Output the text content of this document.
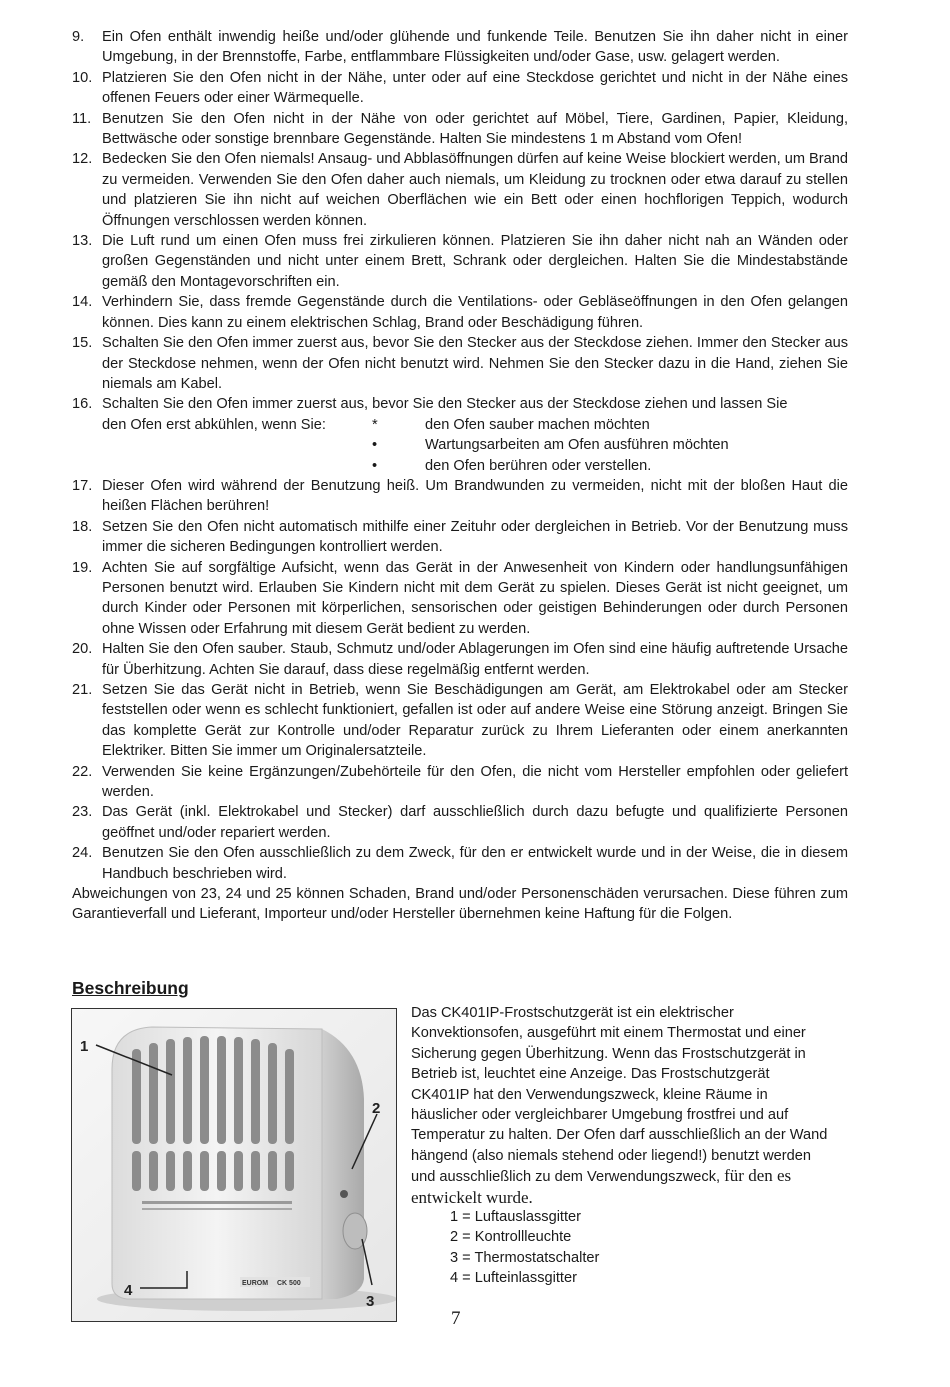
9. Ein Ofen enthält inwendig heiße und/oder glühende und funkende Teile. Benutzen Sie ihn daher nicht in einer Umgebung, in der Brennstoffe, Farbe, entflammbare Flüssigkeiten und/oder Gase, usw. gelagert werden.
10. Platzieren Sie den Ofen nicht in der Nähe, unter oder auf eine Steckdose gerichtet und nicht in der Nähe eines offenen Feuers oder einer Wärmequelle.
11. Benutzen Sie den Ofen nicht in der Nähe von oder gerichtet auf Möbel, Tiere, Gardinen, Papier, Kleidung, Bettwäsche oder sonstige brennbare Gegenstände. Halten Sie mindestens 1 m Abstand vom Ofen!
12. Bedecken Sie den Ofen niemals! Ansaug- und Abblasöffnungen dürfen auf keine Weise blockiert werden, um Brand zu vermeiden. Verwenden Sie den Ofen daher auch niemals, um Kleidung zu trocknen oder etwa darauf zu stellen und platzieren Sie ihn nicht auf weichen Oberflächen wie ein Bett oder einen hochflorigen Teppich, wodurch Öffnungen verschlossen werden können.
13. Die Luft rund um einen Ofen muss frei zirkulieren können. Platzieren Sie ihn daher nicht nah an Wänden oder großen Gegenständen und nicht unter einem Brett, Schrank oder dergleichen. Halten Sie die Mindestabstände gemäß den Montagevorschriften ein.
14. Verhindern Sie, dass fremde Gegenstände durch die Ventilations- oder Gebläseöffnungen in den Ofen gelangen können. Dies kann zu einem elektrischen Schlag, Brand oder Beschädigung führen.
15. Schalten Sie den Ofen immer zuerst aus, bevor Sie den Stecker aus der Steckdose ziehen. Immer den Stecker aus der Steckdose nehmen, wenn der Ofen nicht benutzt wird. Nehmen Sie den Stecker dazu in die Hand, ziehen Sie niemals am Kabel.
16. Schalten Sie den Ofen immer zuerst aus, bevor Sie den Stecker aus der Steckdose ziehen und lassen Sie
den Ofen erst abkühlen, wenn Sie:	*	den Ofen sauber machen möchten
•	Wartungsarbeiten am Ofen ausführen möchten
•	den Ofen berühren oder verstellen.
17. Dieser Ofen wird während der Benutzung heiß. Um Brandwunden zu vermeiden, nicht mit der bloßen Haut die heißen Flächen berühren!
18. Setzen Sie den Ofen nicht automatisch mithilfe einer Zeituhr oder dergleichen in Betrieb. Vor der Benutzung muss immer die sicheren Bedingungen kontrolliert werden.
19. Achten Sie auf sorgfältige Aufsicht, wenn das Gerät in der Anwesenheit von Kindern oder handlungsunfähigen Personen benutzt wird. Erlauben Sie Kindern nicht mit dem Gerät zu spielen. Dieses Gerät ist nicht geeignet, um durch Kinder oder Personen mit körperlichen, sensorischen oder geistigen Behinderungen oder durch Personen ohne Wissen oder Erfahrung mit diesem Gerät bedient zu werden.
20. Halten Sie den Ofen sauber. Staub, Schmutz und/oder Ablagerungen im Ofen sind eine häufig auftretende Ursache für Überhitzung. Achten Sie darauf, dass diese regelmäßig entfernt werden.
21. Setzen Sie das Gerät nicht in Betrieb, wenn Sie Beschädigungen am Gerät, am Elektrokabel oder am Stecker feststellen oder wenn es schlecht funktioniert, gefallen ist oder auf andere Weise eine Störung anzeigt. Bringen Sie das komplette Gerät zur Kontrolle und/oder Reparatur zurück zu Ihrem Lieferanten oder einem anerkannten Elektriker. Bitten Sie immer um Originalersatzteile.
22. Verwenden Sie keine Ergänzungen/Zubehörteile für den Ofen, die nicht vom Hersteller empfohlen oder geliefert werden.
23. Das Gerät (inkl. Elektrokabel und Stecker) darf ausschließlich durch dazu befugte und qualifizierte Personen geöffnet und/oder repariert werden.
24. Benutzen Sie den Ofen ausschließlich zu dem Zweck, für den er entwickelt wurde und in der Weise, die in diesem Handbuch beschrieben wird.

Abweichungen von 23, 24 und 25 können Schaden, Brand und/oder Personenschäden verursachen. Diese führen zum Garantieverfall und Lieferant, Importeur und/oder Hersteller übernehmen keine Haftung für die Folgen.

Beschreibung
EUROM CK 500
1
2
3
4

Das CK401IP-Frostschutzgerät ist ein elektrischer Konvektionsofen, ausgeführt mit einem Thermostat und einer Sicherung gegen Überhitzung. Wenn das Frostschutzgerät in Betrieb ist, leuchtet eine Anzeige. Das Frostschutzgerät CK401IP hat den Verwendungszweck, kleine Räume in häuslicher oder vergleichbarer Umgebung frostfrei und auf Temperatur zu halten. Der Ofen darf ausschließlich an der Wand hängend (also niemals stehend oder liegend!) benutzt werden und ausschließlich zu dem Verwendungszweck, für den es entwickelt wurde.

1 = Luftauslassgitter
2 = Kontrollleuchte
3 = Thermostatschalter
4 = Lufteinlassgitter
7
